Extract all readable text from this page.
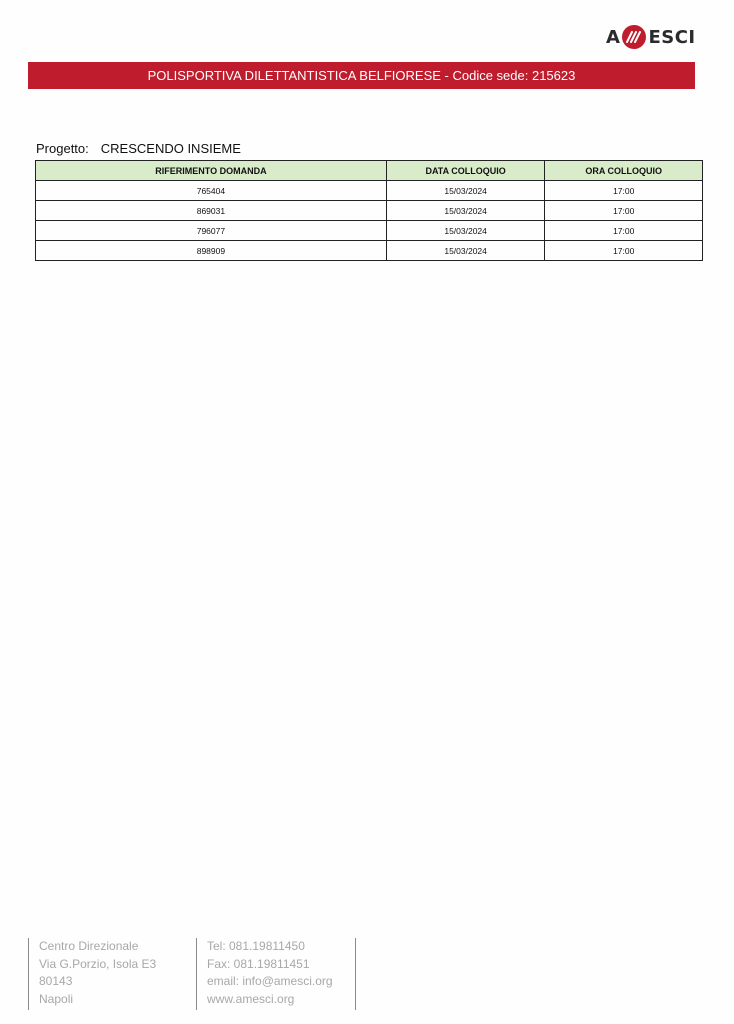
A ESCI
POLISPORTIVA DILETTANTISTICA BELFIORESE - Codice sede: 215623
Progetto: CRESCENDO INSIEME
RIFERIMENTO DOMANDA	DATA COLLOQUIO	ORA COLLOQUIO
765404	15/03/2024	17:00
869031	15/03/2024	17:00
796077	15/03/2024	17:00
898909	15/03/2024	17:00
Centro Direzionale
Via G.Porzio, Isola E3
80143
Napoli
Tel: 081.19811450
Fax: 081.19811451
email: info@amesci.org
www.amesci.org
